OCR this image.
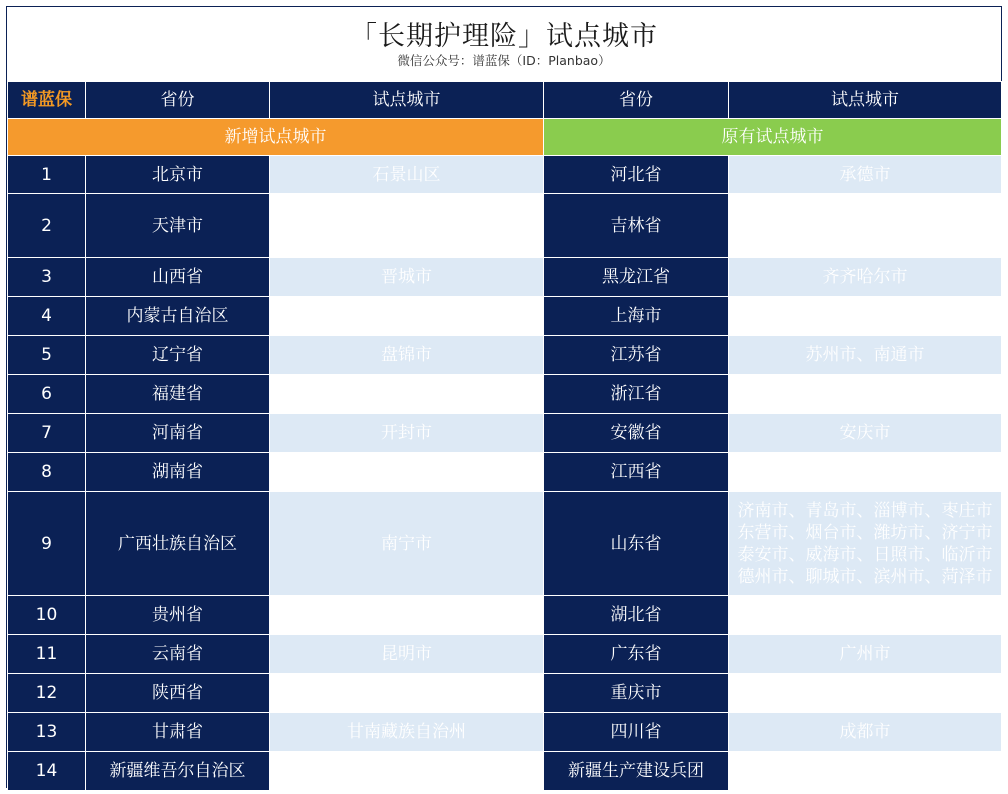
「长期护理险」试点城市
微信公众号：谱蓝保（ID：Planbao）
谱蓝保	省份	试点城市	省份	试点城市
新增试点城市			原有试点城市	
1	北京市	石景山区	河北省	承德市

2	天津市	天津市	吉林省	长春市、吉林市、通化市
松原市、梅河口市、珲春市

3	山西省	晋城市	黑龙江省	齐齐哈尔市

4	内蒙古自治区	呼和浩特市	上海市	上海市

5	辽宁省	盘锦市	江苏省	苏州市、南通市

6	福建省	福州市	浙江省	宁波市

7	河南省	开封市	安徽省	安庆市

8	湖南省	湘潭市	江西省	上饶市

9	广西壮族自治区	南宁市	山东省	济南市、青岛市、淄博市、枣庄市
东营市、烟台市、潍坊市、济宁市
泰安市、威海市、日照市、临沂市
德州市、聊城市、滨州市、菏泽市

10	贵州省	黔西南布依族苗族自治州	湖北省	荆门市

11	云南省	昆明市	广东省	广州市

12	陕西省	汉中市	重庆市	重庆市

13	甘肃省	甘南藏族自治州	四川省	成都市

14	新疆维吾尔自治区	乌鲁木齐市	新疆生产建设兵团	石河子市
